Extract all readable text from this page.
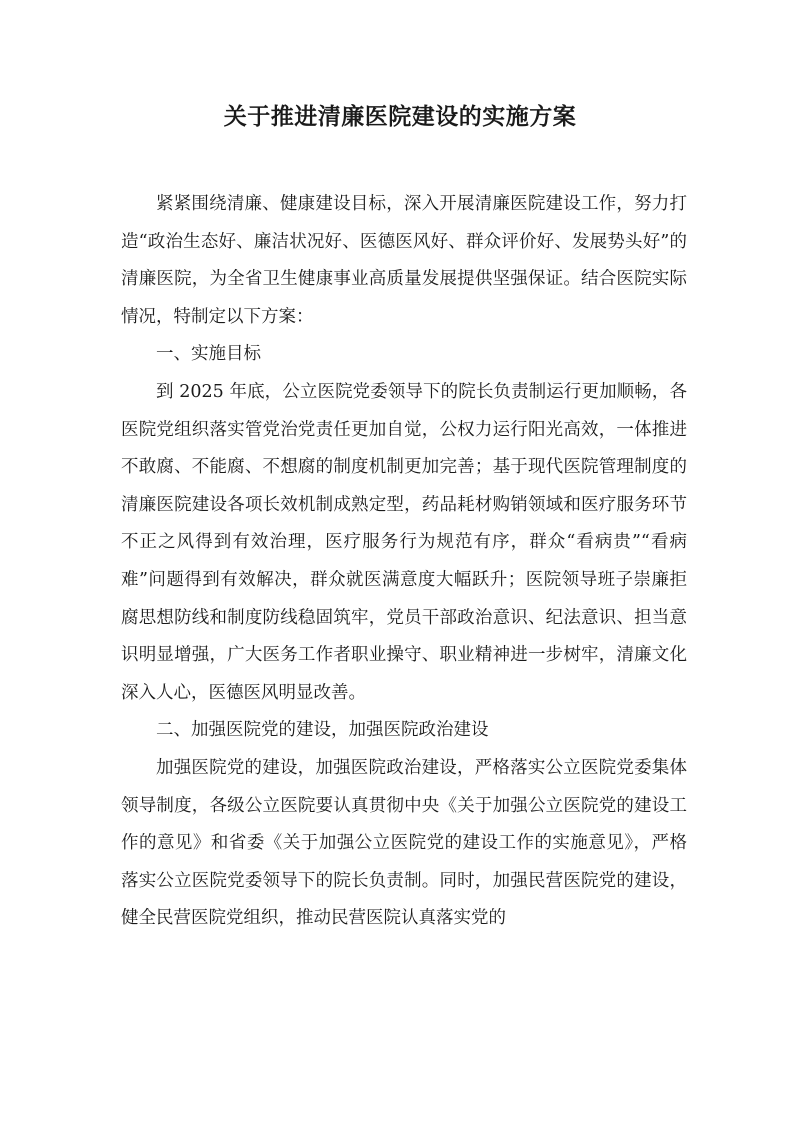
关于推进清廉医院建设的实施方案

紧紧围绕清廉、健康建设目标，深入开展清廉医院建设工作，努力打造“政治生态好、廉洁状况好、医德医风好、群众评价好、发展势头好”的清廉医院，为全省卫生健康事业高质量发展提供坚强保证。结合医院实际情况，特制定以下方案：

一、实施目标

到 2025 年底，公立医院党委领导下的院长负责制运行更加顺畅，各医院党组织落实管党治党责任更加自觉，公权力运行阳光高效，一体推进不敢腐、不能腐、不想腐的制度机制更加完善；基于现代医院管理制度的清廉医院建设各项长效机制成熟定型，药品耗材购销领域和医疗服务环节不正之风得到有效治理，医疗服务行为规范有序，群众“看病贵”“看病难”问题得到有效解决，群众就医满意度大幅跃升；医院领导班子崇廉拒腐思想防线和制度防线稳固筑牢，党员干部政治意识、纪法意识、担当意识明显增强，广大医务工作者职业操守、职业精神进一步树牢，清廉文化深入人心，医德医风明显改善。

二、加强医院党的建设，加强医院政治建设

加强医院党的建设，加强医院政治建设，严格落实公立医院党委集体领导制度，各级公立医院要认真贯彻中央《关于加强公立医院党的建设工作的意见》和省委《关于加强公立医院党的建设工作的实施意见》，严格落实公立医院党委领导下的院长负责制。同时，加强民营医院党的建设，健全民营医院党组织，推动民营医院认真落实党的
